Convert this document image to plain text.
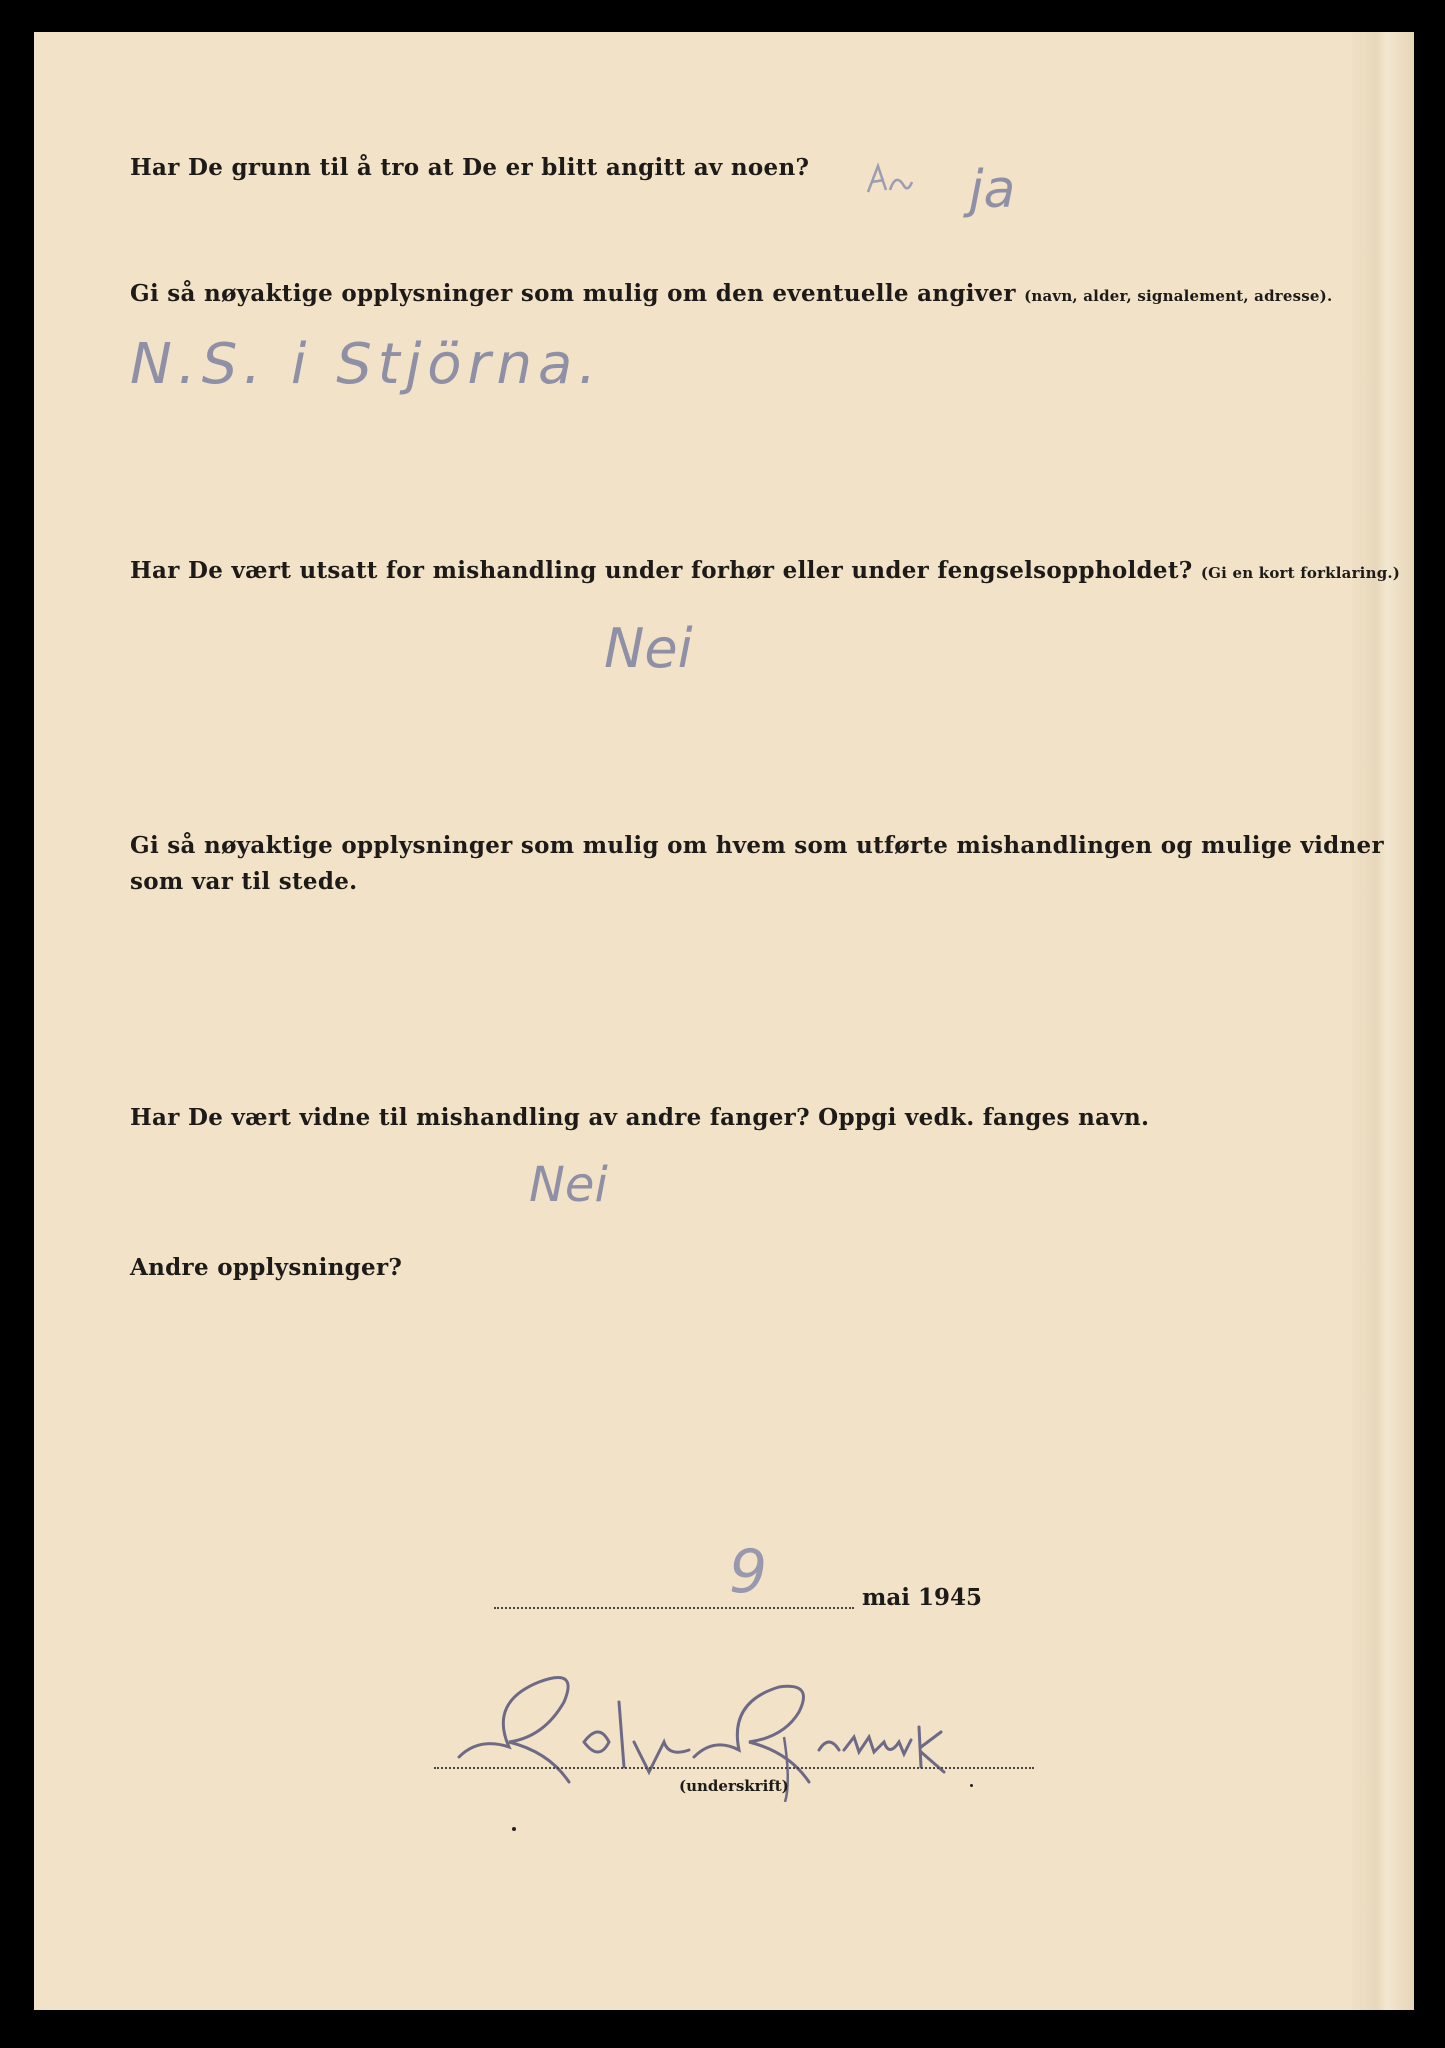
Har De grunn til å tro at De er blitt angitt av noen?	ja
Gi så nøyaktige opplysninger som mulig om den eventuelle angiver (navn, alder, signalement, adresse).
N.S. i Stjörna.
Har De vært utsatt for mishandling under forhør eller under fengselsoppholdet? (Gi en kort forklaring.)
Nei
Gi så nøyaktige opplysninger som mulig om hvem som utførte mishandlingen og mulige vidner
som var til stede.
Har De vært vidne til mishandling av andre fanger? Oppgi vedk. fanges navn.
Nei
Andre opplysninger?
9	mai 1945
(underskrift)
